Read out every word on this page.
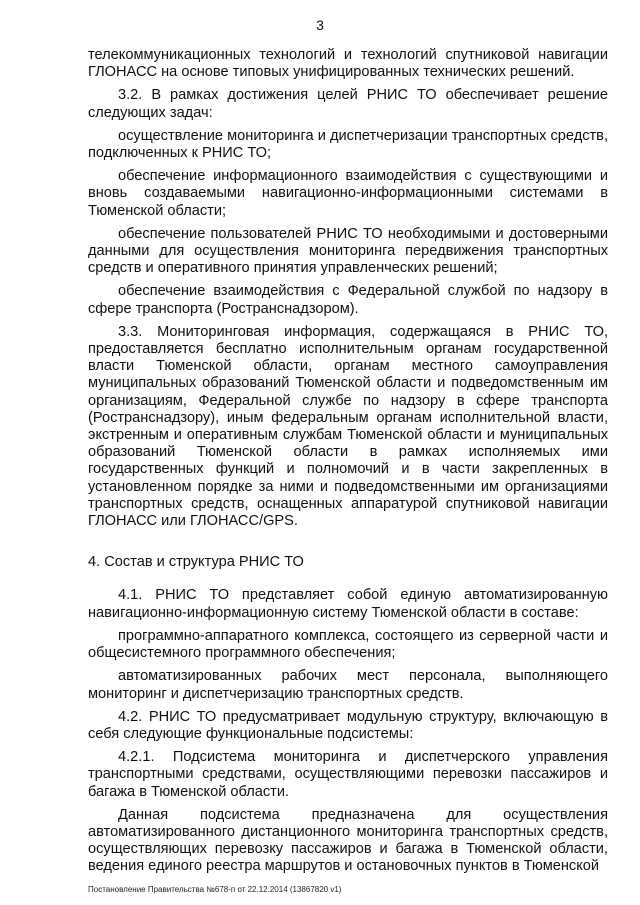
3

телекоммуникационных технологий и технологий спутниковой навигации ГЛОНАСС на основе типовых унифицированных технических решений.

3.2. В рамках достижения целей РНИС ТО обеспечивает решение следующих задач:

осуществление мониторинга и диспетчеризации транспортных средств, подключенных к РНИС ТО;

обеспечение информационного взаимодействия с существующими и вновь создаваемыми навигационно-информационными системами в Тюменской области;

обеспечение пользователей РНИС ТО необходимыми и достоверными данными для осуществления мониторинга передвижения транспортных средств и оперативного принятия управленческих решений;

обеспечение взаимодействия с Федеральной службой по надзору в сфере транспорта (Ространснадзором).

3.3. Мониторинговая информация, содержащаяся в РНИС ТО, предоставляется бесплатно исполнительным органам государственной власти Тюменской области, органам местного самоуправления муниципальных образований Тюменской области и подведомственным им организациям, Федеральной службе по надзору в сфере транспорта (Ространснадзору), иным федеральным органам исполнительной власти, экстренным и оперативным службам Тюменской области и муниципальных образований Тюменской области в рамках исполняемых ими государственных функций и полномочий и в части закрепленных в установленном порядке за ними и подведомственными им организациями транспортных средств, оснащенных аппаратурой спутниковой навигации ГЛОНАСС или ГЛОНАСС/GPS.

4. Состав и структура РНИС ТО

4.1. РНИС ТО представляет собой единую автоматизированную навигационно-информационную систему Тюменской области в составе:

программно-аппаратного комплекса, состоящего из серверной части и общесистемного программного обеспечения;

автоматизированных рабочих мест персонала, выполняющего мониторинг и диспетчеризацию транспортных средств.

4.2. РНИС ТО предусматривает модульную структуру, включающую в себя следующие функциональные подсистемы:

4.2.1. Подсистема мониторинга и диспетчерского управления транспортными средствами, осуществляющими перевозки пассажиров и багажа в Тюменской области.

Данная подсистема предназначена для осуществления автоматизированного дистанционного мониторинга транспортных средств, осуществляющих перевозку пассажиров и багажа в Тюменской области, ведения единого реестра маршрутов и остановочных пунктов в Тюменской

Постановление Правительства №678-п от 22.12.2014 (13867820 v1)
